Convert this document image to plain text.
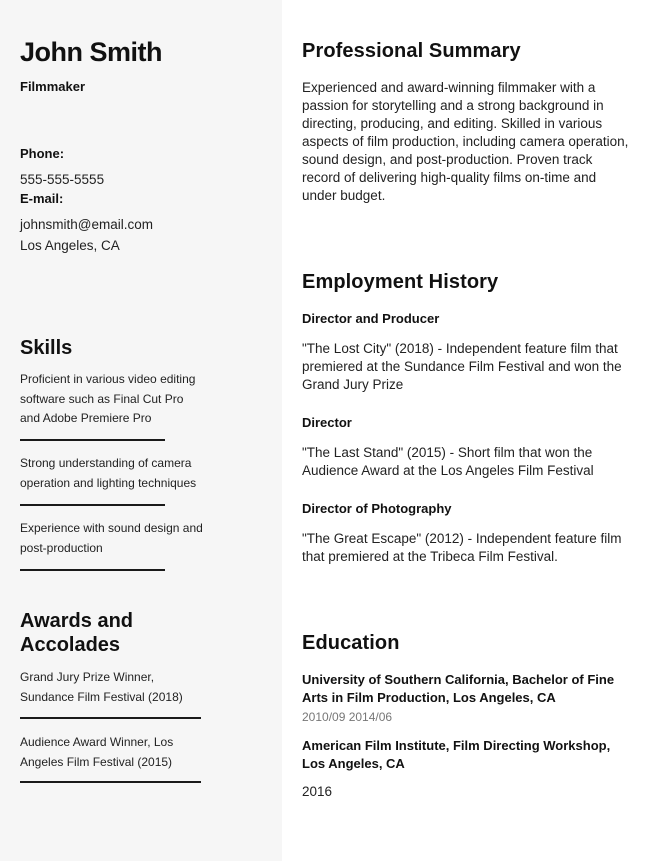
John Smith
Filmmaker
Phone:
555-555-5555
E-mail:
johnsmith@email.com
Los Angeles, CA
Skills
Proficient in various video editing software such as Final Cut Pro and Adobe Premiere Pro
Strong understanding of camera operation and lighting techniques
Experience with sound design and post-production
Awards and Accolades
Grand Jury Prize Winner, Sundance Film Festival (2018)
Audience Award Winner, Los Angeles Film Festival (2015)
Professional Summary
Experienced and award-winning filmmaker with a passion for storytelling and a strong background in directing, producing, and editing. Skilled in various aspects of film production, including camera operation, sound design, and post-production. Proven track record of delivering high-quality films on-time and under budget.
Employment History
Director and Producer
"The Lost City" (2018) - Independent feature film that premiered at the Sundance Film Festival and won the Grand Jury Prize
Director
"The Last Stand" (2015) - Short film that won the Audience Award at the Los Angeles Film Festival
Director of Photography
"The Great Escape" (2012) - Independent feature film that premiered at the Tribeca Film Festival.
Education
University of Southern California, Bachelor of Fine Arts in Film Production, Los Angeles, CA
2010/09 2014/06
American Film Institute, Film Directing Workshop, Los Angeles, CA
2016
